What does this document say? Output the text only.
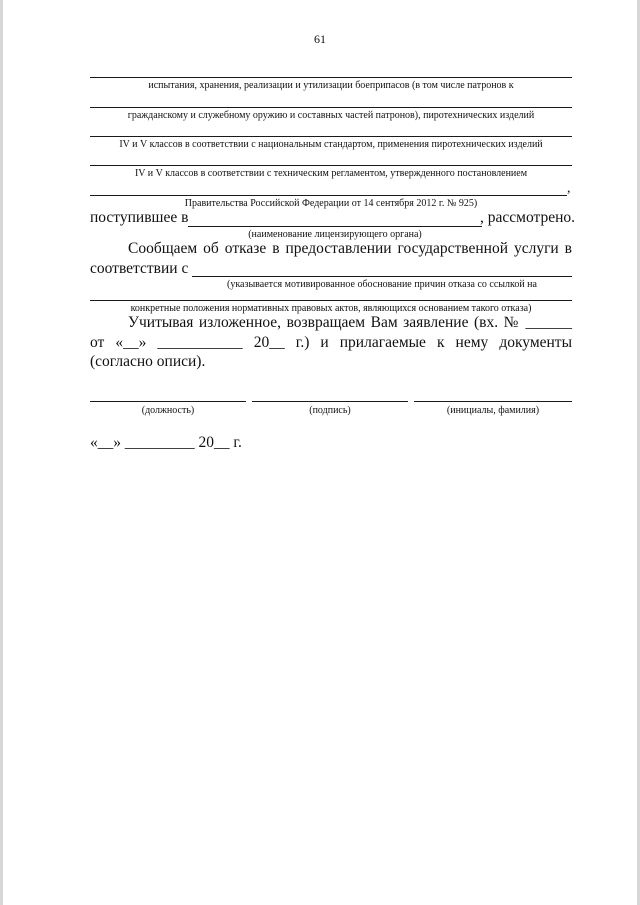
61
испытания, хранения, реализации и утилизации боеприпасов (в том числе патронов к
гражданскому и служебному оружию и составных частей патронов), пиротехнических изделий
IV и V классов в соответствии с национальным стандартом, применения пиротехнических изделий
IV и V классов в соответствии с техническим регламентом, утвержденного постановлением
,
Правительства Российской Федерации от 14 сентября 2012 г. № 925)
поступившее в	, рассмотрено.
(наименование лицензирующего органа)
Сообщаем об отказе в предоставлении государственной услуги в
соответствии с
(указывается мотивированное обоснование причин отказа со ссылкой на
конкретные положения нормативных правовых актов, являющихся основанием такого отказа)
Учитывая изложенное, возвращаем Вам заявление (вх. № ______
от «__» ___________ 20__ г.) и прилагаемые к нему документы
(согласно описи).
(должность)	(подпись)	(инициалы, фамилия)
«__» _________ 20__ г.
